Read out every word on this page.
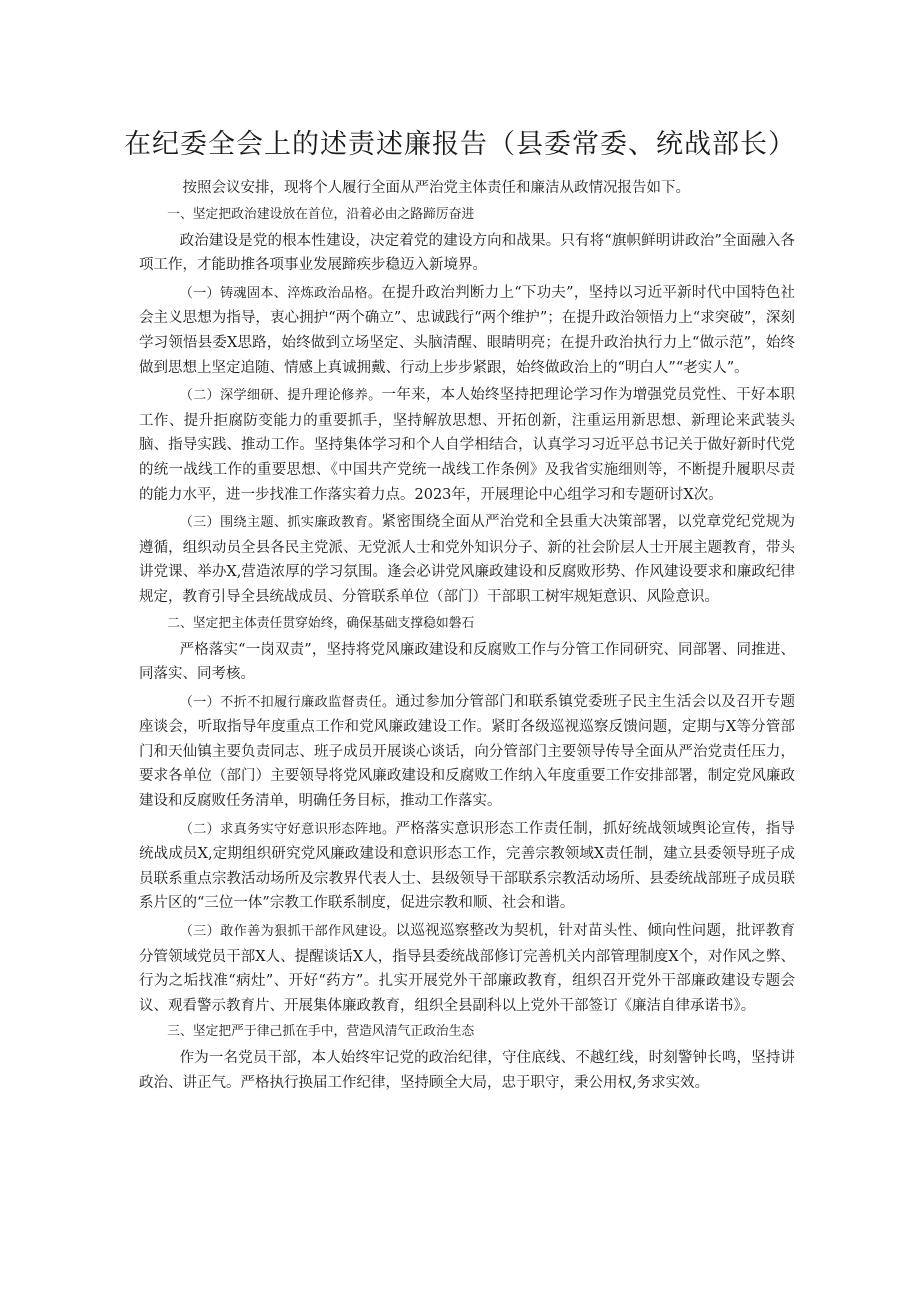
在纪委全会上的述责述廉报告（县委常委、统战部长）

按照会议安排，现将个人履行全面从严治党主体责任和廉洁从政情况报告如下。

一、坚定把政治建设放在首位，沿着必由之路蹄厉奋进

政治建设是党的根本性建设，决定着党的建设方向和战果。只有将“旗帜鲜明讲政治”全面融入各项工作，才能助推各项事业发展蹄疾步稳迈入新境界。

（一）铸魂固本、淬炼政治品格。在提升政治判断力上“下功夫”，坚持以习近平新时代中国特色社会主义思想为指导，衷心拥护“两个确立”、忠诚践行“两个维护”；在提升政治领悟力上“求突破”，深刻学习领悟县委X思路，始终做到立场坚定、头脑清醒、眼睛明亮；在提升政治执行力上“做示范”，始终做到思想上坚定追随、情感上真诚拥戴、行动上步步紧跟，始终做政治上的“明白人”“老实人”。

（二）深学细研、提升理论修养。一年来，本人始终坚持把理论学习作为增强党员党性、干好本职工作、提升拒腐防变能力的重要抓手，坚持解放思想、开拓创新，注重运用新思想、新理论来武装头脑、指导实践、推动工作。坚持集体学习和个人自学相结合，认真学习习近平总书记关于做好新时代党的统一战线工作的重要思想、《中国共产党统一战线工作条例》及我省实施细则等，不断提升履职尽责的能力水平，进一步找准工作落实着力点。2023年，开展理论中心组学习和专题研讨X次。

（三）围绕主题、抓实廉政教育。紧密围绕全面从严治党和全县重大决策部署，以党章党纪党规为遵循，组织动员全县各民主党派、无党派人士和党外知识分子、新的社会阶层人士开展主题教育，带头讲党课、举办X,营造浓厚的学习氛围。逢会必讲党风廉政建设和反腐败形势、作风建设要求和廉政纪律规定，教育引导全县统战成员、分管联系单位（部门）干部职工树牢规矩意识、风险意识。

二、坚定把主体责任贯穿始终，确保基础支撑稳如磐石

严格落实“一岗双责”，坚持将党风廉政建设和反腐败工作与分管工作同研究、同部署、同推进、同落实、同考核。

（一）不折不扣履行廉政监督责任。通过参加分管部门和联系镇党委班子民主生活会以及召开专题座谈会，听取指导年度重点工作和党风廉政建设工作。紧盯各级巡视巡察反馈问题，定期与X等分管部门和天仙镇主要负责同志、班子成员开展谈心谈话，向分管部门主要领导传导全面从严治党责任压力，要求各单位（部门）主要领导将党风廉政建设和反腐败工作纳入年度重要工作安排部署，制定党风廉政建设和反腐败任务清单，明确任务目标，推动工作落实。

（二）求真务实守好意识形态阵地。严格落实意识形态工作责任制，抓好统战领域舆论宣传，指导统战成员X,定期组织研究党风廉政建设和意识形态工作，完善宗教领域X责任制，建立县委领导班子成员联系重点宗教活动场所及宗教界代表人士、县级领导干部联系宗教活动场所、县委统战部班子成员联系片区的“三位一体”宗教工作联系制度，促进宗教和顺、社会和谐。

（三）敢作善为狠抓干部作风建设。以巡视巡察整改为契机，针对苗头性、倾向性问题，批评教育分管领域党员干部X人、提醒谈话X人，指导县委统战部修订完善机关内部管理制度X个，对作风之弊、行为之垢找准“病灶”、开好“药方”。扎实开展党外干部廉政教育，组织召开党外干部廉政建设专题会议、观看警示教育片、开展集体廉政教育，组织全县副科以上党外干部签订《廉洁自律承诺书》。

三、坚定把严于律己抓在手中，营造风清气正政治生态

作为一名党员干部，本人始终牢记党的政治纪律，守住底线、不越红线，时刻警钟长鸣，坚持讲政治、讲正气。严格执行换届工作纪律，坚持顾全大局，忠于职守，秉公用权,务求实效。
